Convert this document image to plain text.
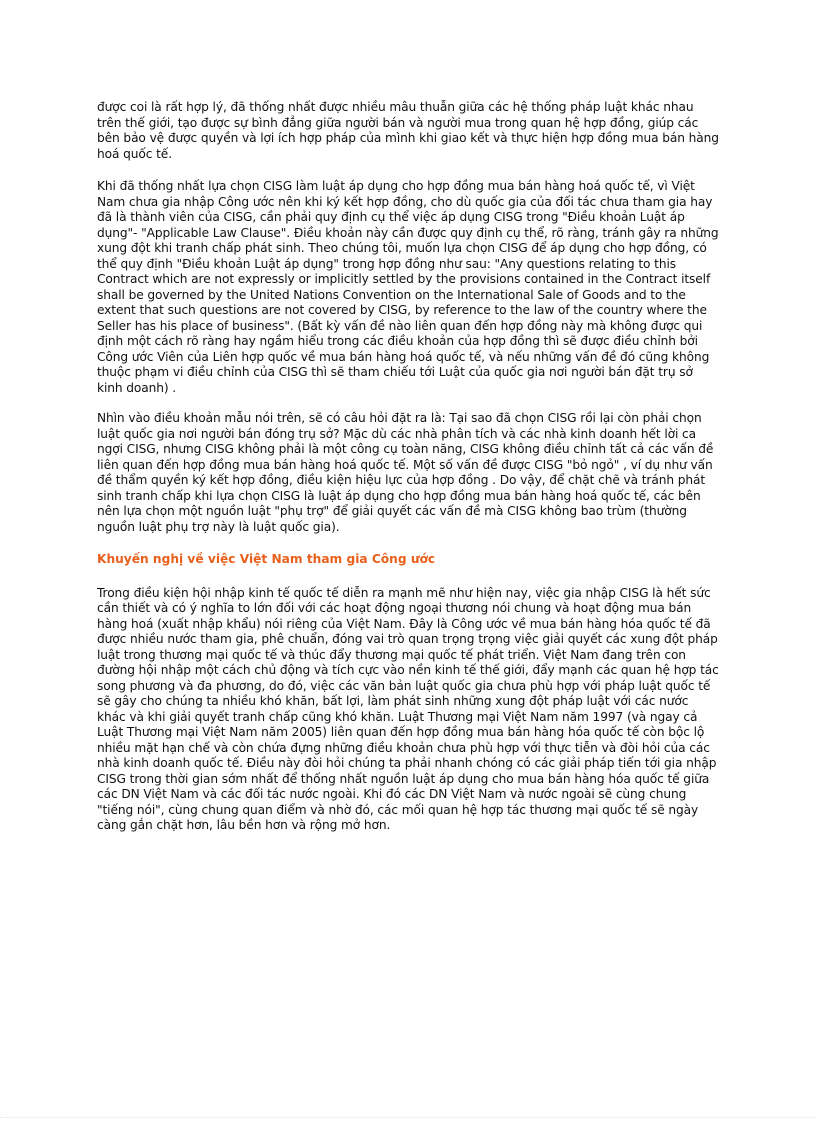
được coi là rất hợp lý, đã thống nhất được nhiều mâu thuẫn giữa các hệ thống pháp luật khác nhau trên thế giới, tạo được sự bình đẳng giữa người bán và người mua trong quan hệ hợp đồng, giúp các bên bảo vệ được quyền và lợi ích hợp pháp của mình khi giao kết và thực hiện hợp đồng mua bán hàng hoá quốc tế.

Khi đã thống nhất lựa chọn CISG làm luật áp dụng cho hợp đồng mua bán hàng hoá quốc tế, vì Việt Nam chưa gia nhập Công ước nên khi ký kết hợp đồng, cho dù quốc gia của đối tác chưa tham gia hay đã là thành viên của CISG, cần phải quy định cụ thể việc áp dụng CISG trong "Điều khoản Luật áp dụng"- "Applicable Law Clause". Điều khoản này cần được quy định cụ thể, rõ ràng, tránh gây ra những xung đột khi tranh chấp phát sinh. Theo chúng tôi, muốn lựa chọn CISG để áp dụng cho hợp đồng, có thể quy định "Điều khoản Luật áp dụng" trong hợp đồng như sau: "Any questions relating to this Contract which are not expressly or implicitly settled by the provisions contained in the Contract itself shall be governed by the United Nations Convention on the International Sale of Goods and to the extent that such questions are not covered by CISG, by reference to the law of the country where the Seller has his place of business". (Bất kỳ vấn đề nào liên quan đến hợp đồng này mà không được qui định một cách rõ ràng hay ngầm hiểu trong các điều khoản của hợp đồng thì sẽ được điều chỉnh bởi Công ước Viên của Liên hợp quốc về mua bán hàng hoá quốc tế, và nếu những vấn đề đó cũng không thuộc phạm vi điều chỉnh của CISG thì sẽ tham chiếu tới Luật của quốc gia nơi người bán đặt trụ sở kinh doanh) .

Nhìn vào điều khoản mẫu nói trên, sẽ có câu hỏi đặt ra là: Tại sao đã chọn CISG rồi lại còn phải chọn luật quốc gia nơi người bán đóng trụ sở? Mặc dù các nhà phân tích và các nhà kinh doanh hết lời ca ngợi CISG, nhưng CISG không phải là một công cụ toàn năng, CISG không điều chỉnh tất cả các vấn đề liên quan đến hợp đồng mua bán hàng hoá quốc tế. Một số vấn đề được CISG "bỏ ngỏ" , ví dụ như vấn đề thẩm quyền ký kết hợp đồng, điều kiện hiệu lực của hợp đồng . Do vậy, để chặt chẽ và tránh phát sinh tranh chấp khi lựa chọn CISG là luật áp dụng cho hợp đồng mua bán hàng hoá quốc tế, các bên nên lựa chọn một nguồn luật "phụ trợ" để giải quyết các vấn đề mà CISG không bao trùm (thường nguồn luật phụ trợ này là luật quốc gia).

Khuyến nghị về việc Việt Nam tham gia Công ước

Trong điều kiện hội nhập kinh tế quốc tế diễn ra mạnh mẽ như hiện nay, việc gia nhập CISG là hết sức cần thiết và có ý nghĩa to lớn đối với các hoạt động ngoại thương nói chung và hoạt động mua bán hàng hoá (xuất nhập khẩu) nói riêng của Việt Nam. Đây là Công ước về mua bán hàng hóa quốc tế đã được nhiều nước tham gia, phê chuẩn, đóng vai trò quan trọng trọng việc giải quyết các xung đột pháp luật trong thương mại quốc tế và thúc đẩy thương mại quốc tế phát triển. Việt Nam đang trên con đường hội nhập một cách chủ động và tích cực vào nền kinh tế thế giới, đẩy mạnh các quan hệ hợp tác song phương và đa phương, do đó, việc các văn bản luật quốc gia chưa phù hợp với pháp luật quốc tế sẽ gây cho chúng ta nhiều khó khăn, bất lợi, làm phát sinh những xung đột pháp luật với các nước khác và khi giải quyết tranh chấp cũng khó khăn. Luật Thương mại Việt Nam năm 1997 (và ngay cả Luật Thương mại Việt Nam năm 2005) liên quan đến hợp đồng mua bán hàng hóa quốc tế còn bộc lộ nhiều mặt hạn chế và còn chứa đựng những điều khoản chưa phù hợp với thực tiễn và đòi hỏi của các nhà kinh doanh quốc tế. Điều này đòi hỏi chúng ta phải nhanh chóng có các giải pháp tiến tới gia nhập CISG trong thời gian sớm nhất để thống nhất nguồn luật áp dụng cho mua bán hàng hóa quốc tế giữa các DN Việt Nam và các đối tác nước ngoài. Khi đó các DN Việt Nam và nước ngoài sẽ cùng chung "tiếng nói", cùng chung quan điểm và nhờ đó, các mối quan hệ hợp tác thương mại quốc tế sẽ ngày càng gắn chặt hơn, lâu bền hơn và rộng mở hơn.
